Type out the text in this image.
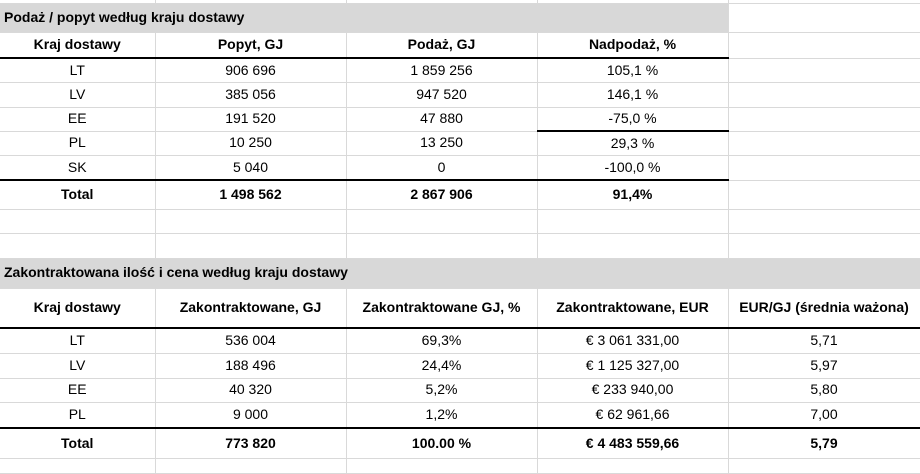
Podaż / popyt według kraju dostawy				
Kraj dostawy	Popyt, GJ	Podaż, GJ	Nadpodaż, %	
LT	906 696	1 859 256	105,1 %	
LV	385 056	947 520	146,1 %	
EE	191 520	47 880	-75,0 %	
PL	10 250	13 250	29,3 %	
SK	5 040	0	-100,0 %	
Total	1 498 562	2 867 906	91,4%	

Zakontraktowana ilość i cena według kraju dostawy				
Kraj dostawy	Zakontraktowane, GJ	Zakontraktowane GJ, %	Zakontraktowane, EUR	EUR/GJ (średnia ważona)
LT	536 004	69,3%	€ 3 061 331,00	5,71
LV	188 496	24,4%	€ 1 125 327,00	5,97
EE	40 320	5,2%	€ 233 940,00	5,80
PL	9 000	1,2%	€ 62 961,66	7,00
Total	773 820	100.00 %	€ 4 483 559,66	5,79
